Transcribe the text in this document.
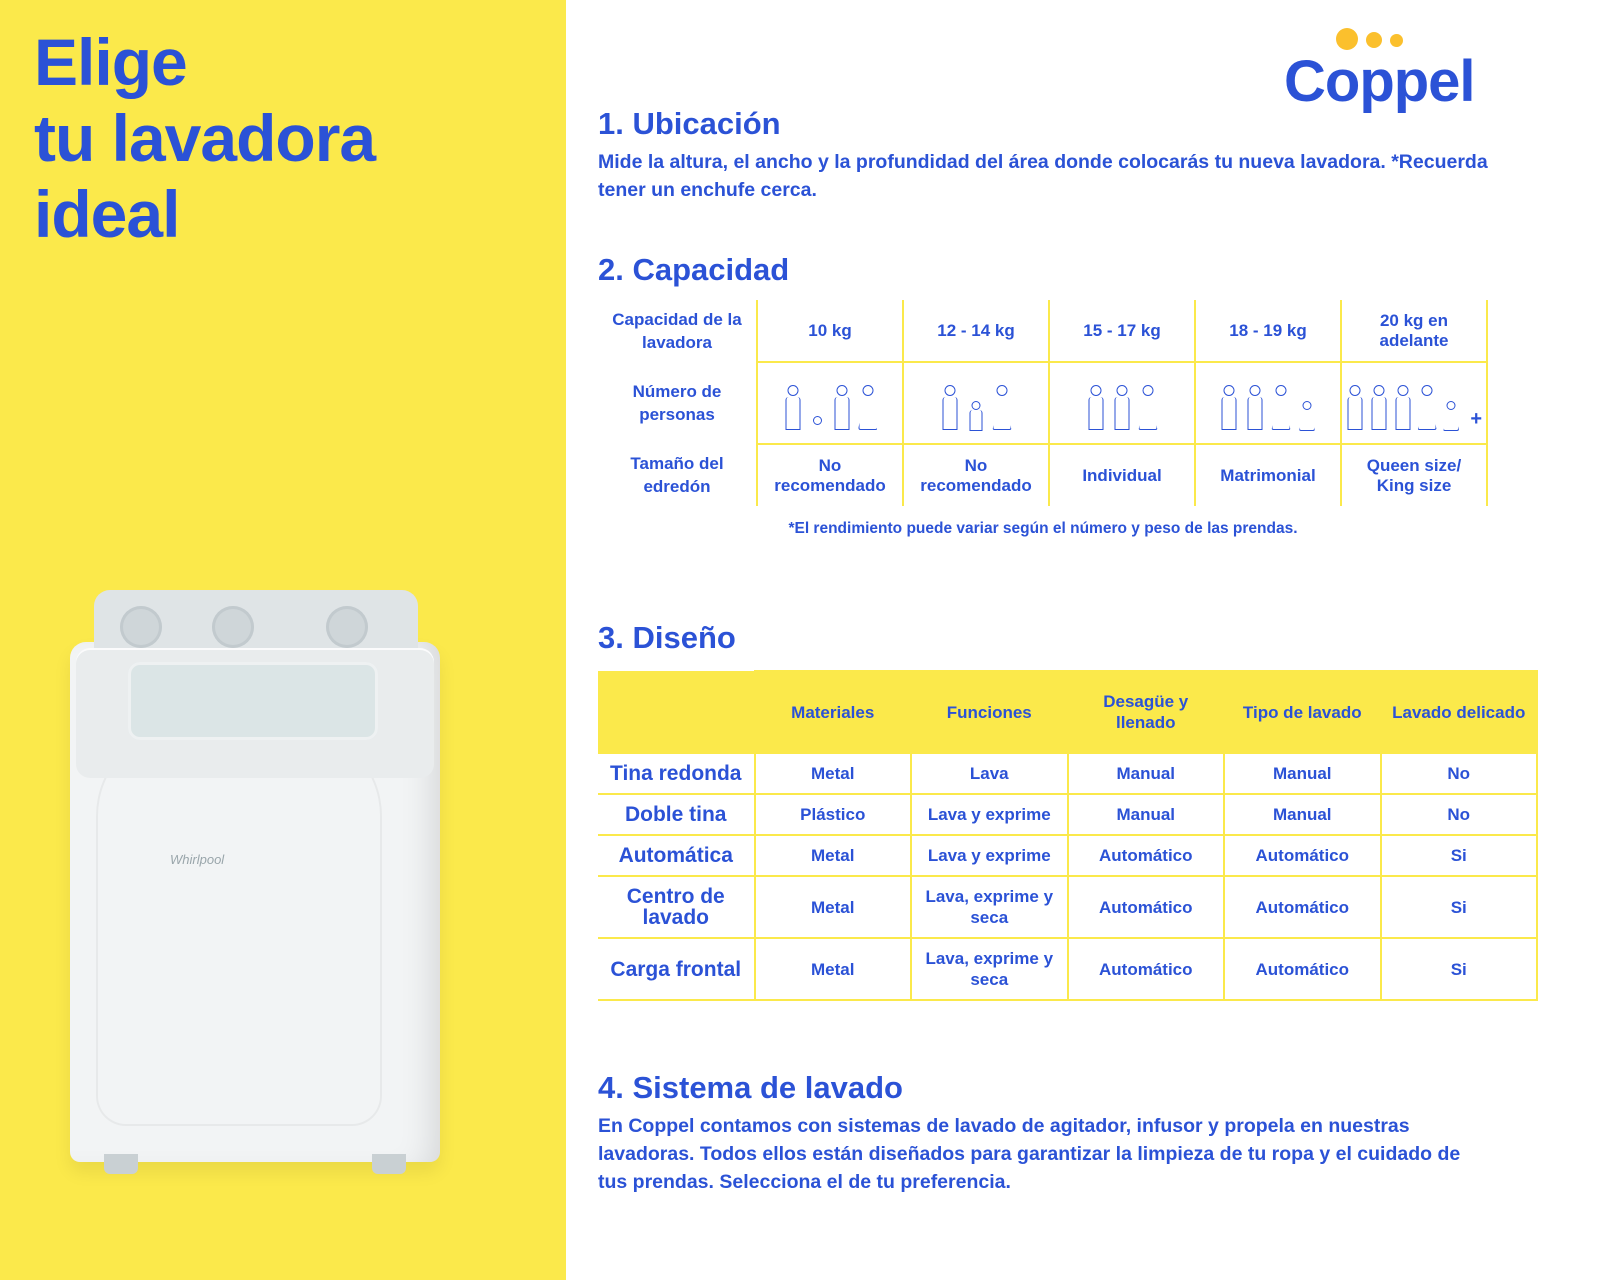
Elige
tu lavadora
ideal
Whirlpool
Coppel
1. Ubicación

Mide la altura, el ancho y la profundidad del área donde colocarás tu nueva lavadora. *Recuerda tener un enchufe cerca.

2. Capacidad
Capacidad de la lavadora	10 kg	12 - 14 kg	15 - 17 kg	18 - 19 kg	20 kg en adelante
Número de personas					+

Tamaño del edredón	No recomendado	No recomendado	Individual	Matrimonial	Queen size/ King size
*El rendimiento puede variar según el número y peso de las prendas.
3. Diseño
	Materiales	Funciones	Desagüe y llenado	Tipo de lavado	Lavado delicado
Tina redonda	Metal	Lava	Manual	Manual	No
Doble tina	Plástico	Lava y exprime	Manual	Manual	No
Automática	Metal	Lava y exprime	Automático	Automático	Si
Centro de lavado	Metal	Lava, exprime y seca	Automático	Automático	Si
Carga frontal	Metal	Lava, exprime y seca	Automático	Automático	Si
4. Sistema de lavado

En Coppel contamos con sistemas de lavado de agitador, infusor y propela en nuestras lavadoras. Todos ellos están diseñados para garantizar la limpieza de tu ropa y el cuidado de tus prendas. Selecciona el de tu preferencia.
